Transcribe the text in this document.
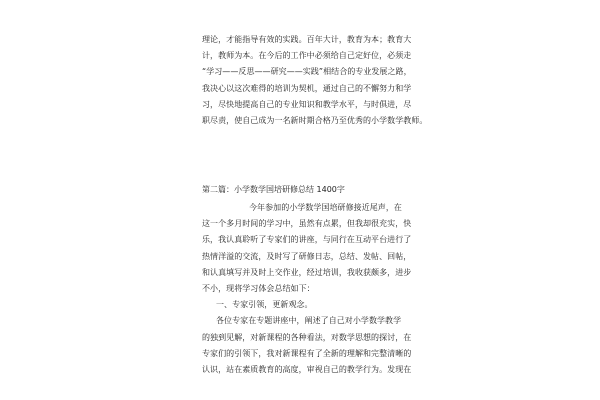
理论，才能指导有效的实践。百年大计，教育为本；教育大
计，教师为本。在今后的工作中必须给自己定好位，必须走
“学习——反思——研究——实践”相结合的专业发展之路，
我决心以这次难得的培训为契机，通过自己的不懈努力和学
习，尽快地提高自己的专业知识和教学水平，与时俱进，尽
职尽责，使自己成为一名新时期合格乃至优秀的小学数学教师。
第二篇：小学数学国培研修总结 1400字
今年参加的小学数学国培研修接近尾声，在
这一个多月时间的学习中，虽然有点累，但我却很充实，快
乐，我认真聆听了专家们的讲座，与同行在互动平台进行了
热情洋溢的交流，及时写了研修日志，总结、发帖、回帖，
和认真填写并及时上交作业，经过培训，我收获颇多，进步
不小，现将学习体会总结如下：
一、专家引领，更新观念。
各位专家在专题讲座中，阐述了自己对小学数学教学
的独到见解，对新课程的各种看法，对数学思想的探讨，在
专家们的引领下，我对新课程有了全新的理解和完整清晰的
认识，站在素质教育的高度，审视自己的教学行为。发现在
